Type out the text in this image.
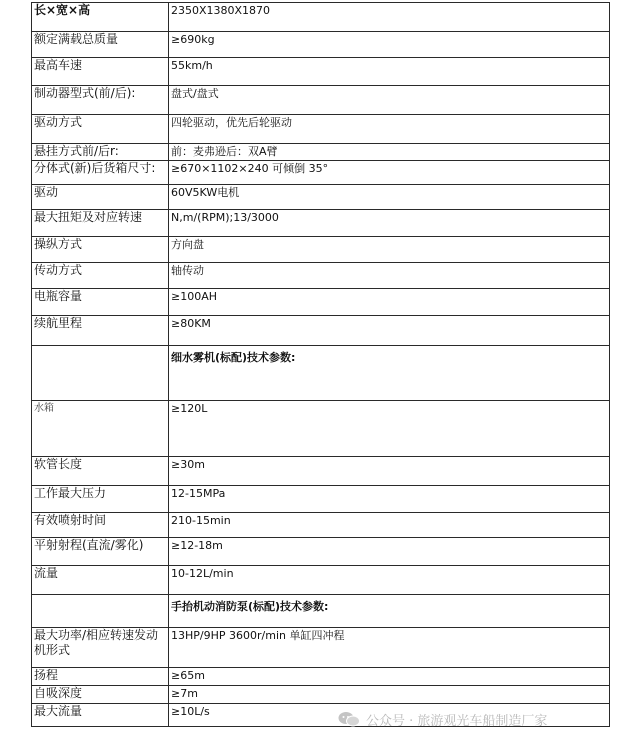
长×宽×高	2350X1380X1870
额定满载总质量	≥690kg
最高车速	55km/h
制动器型式(前/后):	盘式/盘式
驱动方式	四轮驱动，优先后轮驱动
悬挂方式前/后r:	前：麦弗逊后：双A臂
分体式(新)后货箱尺寸:	≥670×1102×240 可倾倒 35°
驱动	60V5KW电机
最大扭矩及对应转速	N,m/(RPM);13/3000
操纵方式	方向盘
传动方式	轴传动
电瓶容量	≥100AH
续航里程	≥80KM
	细水雾机(标配)技术参数:
水箱	≥120L
软管长度	≥30m
工作最大压力	12-15MPa
有效喷射时间	210-15min
平射射程(直流/雾化)	≥12-18m
流量	10-12L/min
	手抬机动消防泵(标配)技术参数:
最大功率/相应转速发动机形式	13HP/9HP 3600r/min 单缸四冲程
扬程	≥65m
自吸深度	≥7m
最大流量	≥10L/s
公众号 · 旅游观光车船制造厂家
